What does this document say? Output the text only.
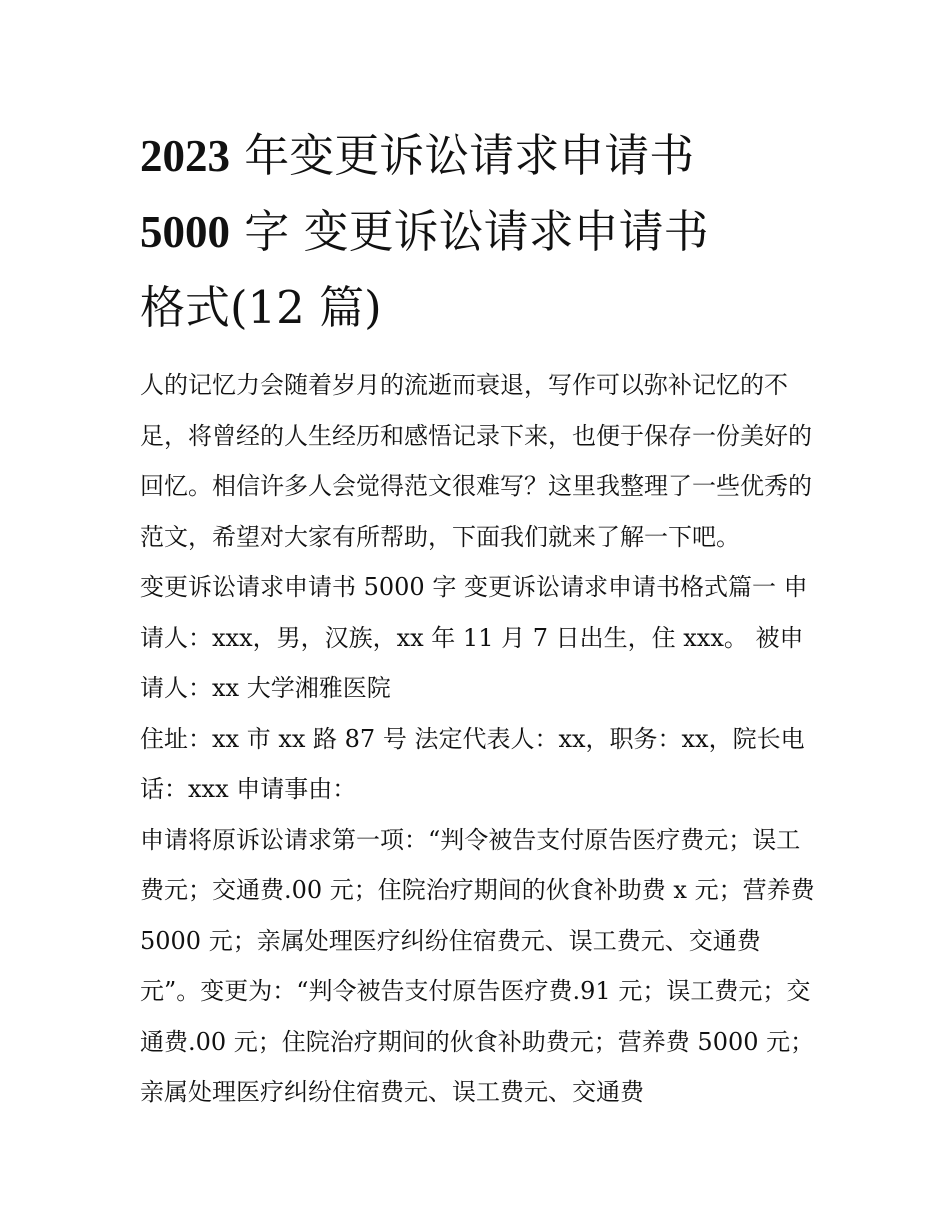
2023 年变更诉讼请求申请书
5000 字 变更诉讼请求申请书
格式(12 篇)

人的记忆力会随着岁月的流逝而衰退，写作可以弥补记忆的不足，将曾经的人生经历和感悟记录下来，也便于保存一份美好的回忆。相信许多人会觉得范文很难写？这里我整理了一些优秀的范文，希望对大家有所帮助，下面我们就来了解一下吧。

变更诉讼请求申请书 5000 字 变更诉讼请求申请书格式篇一 申请人：xxx，男，汉族，xx 年 11 月 7 日出生，住 xxx。 被申请人：xx 大学湘雅医院

住址：xx 市 xx 路 87 号 法定代表人：xx，职务：xx，院长电话：xxx 申请事由：

申请将原诉讼请求第一项：“判令被告支付原告医疗费元；误工费元；交通费.00 元；住院治疗期间的伙食补助费 x 元；营养费 5000 元；亲属处理医疗纠纷住宿费元、误工费元、交通费元”。变更为：“判令被告支付原告医疗费.91 元；误工费元；交通费.00 元；住院治疗期间的伙食补助费元；营养费 5000 元；亲属处理医疗纠纷住宿费元、误工费元、交通费
